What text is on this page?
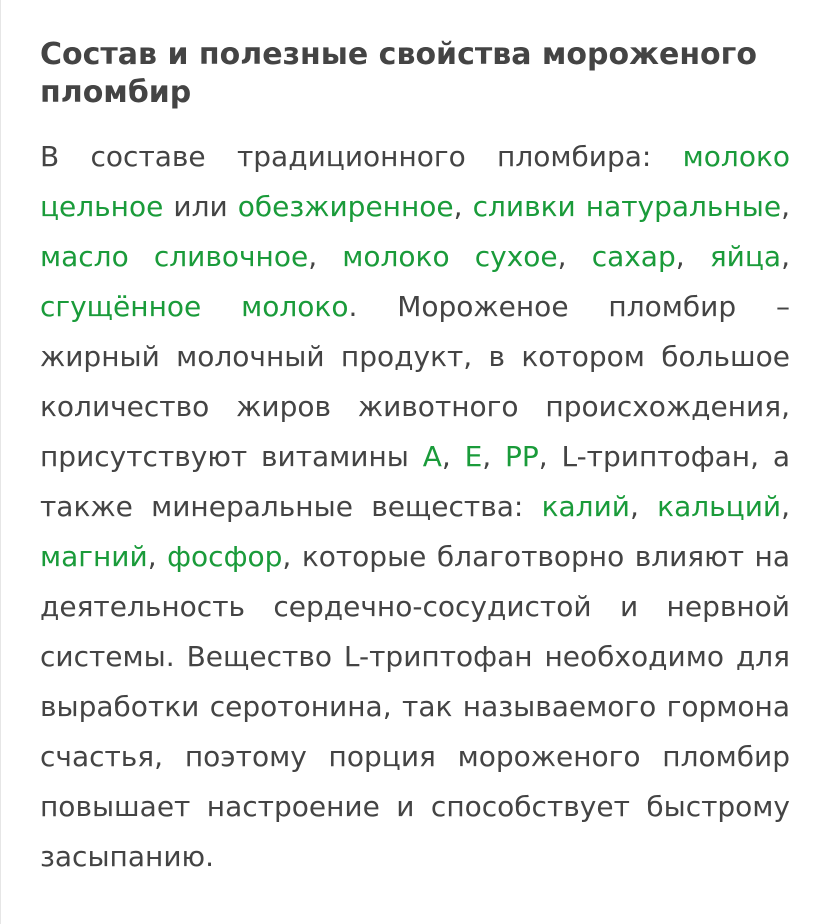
Состав и полезные свойства мороженого пломбир

В составе традиционного пломбира: молоко цельное или обезжиренное, сливки натуральные, масло сливочное, молоко сухое, сахар, яйца, сгущённое молоко. Мороженое пломбир – жирный молочный продукт, в котором большое количество жиров животного происхождения, присутствуют витамины A, E, PP, L-триптофан, а также минеральные вещества: калий, кальций, магний, фосфор, которые благотворно влияют на деятельность сердечно-сосудистой и нервной системы. Вещество L-триптофан необходимо для выработки серотонина, так называемого гормона счастья, поэтому порция мороженого пломбир повышает настроение и способствует быстрому засыпанию.
